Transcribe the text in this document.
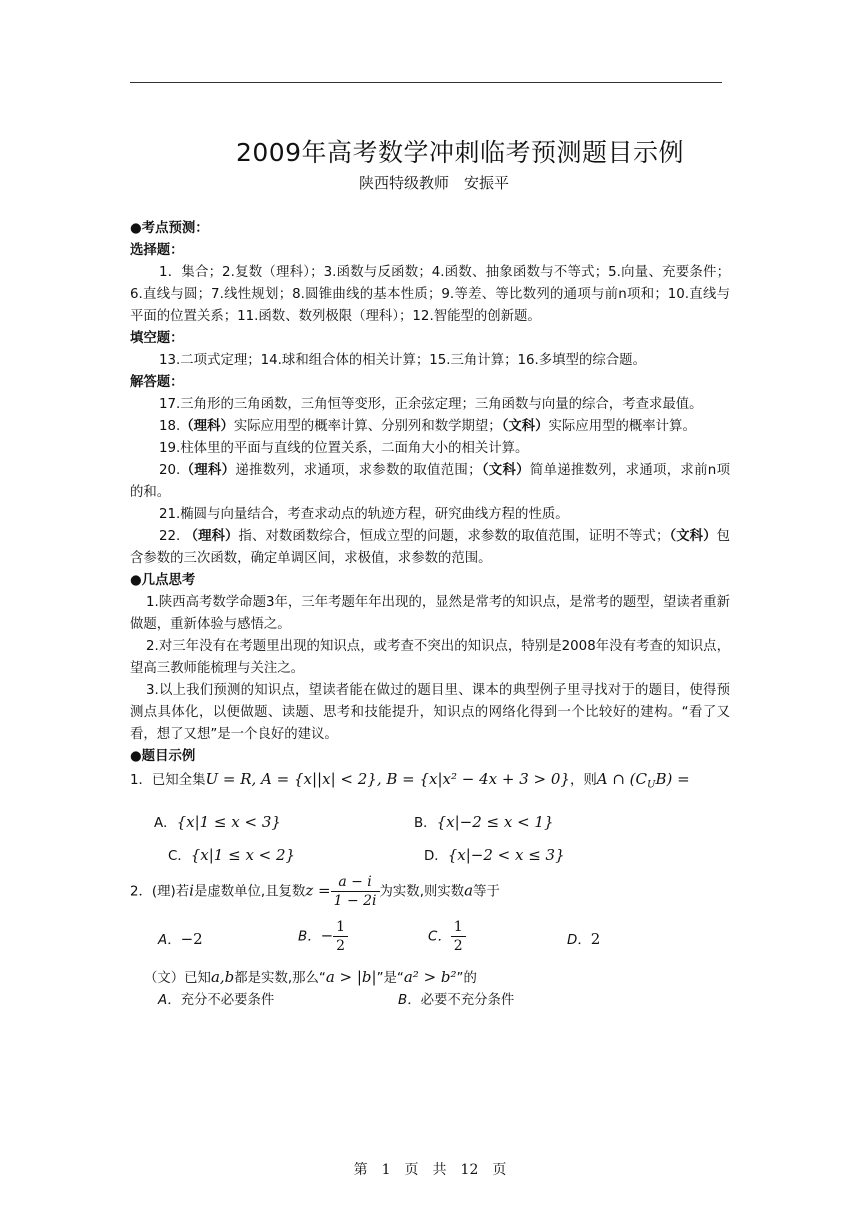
2009年高考数学冲刺临考预测题目示例
陕西特级教师　安振平

●考点预测：

选择题：

1．集合；2.复数（理科）；3.函数与反函数；4.函数、抽象函数与不等式；5.向量、充要条件；6.直线与圆；7.线性规划；8.圆锥曲线的基本性质；9.等差、等比数列的通项与前n项和；10.直线与平面的位置关系；11.函数、数列极限（理科）；12.智能型的创新题。

填空题：

13.二项式定理；14.球和组合体的相关计算；15.三角计算；16.多填型的综合题。

解答题：

17.三角形的三角函数，三角恒等变形，正余弦定理；三角函数与向量的综合，考查求最值。

18.（理科）实际应用型的概率计算、分别列和数学期望；（文科）实际应用型的概率计算。

19.柱体里的平面与直线的位置关系，二面角大小的相关计算。

20.（理科）递推数列，求通项，求参数的取值范围；（文科）简单递推数列，求通项，求前n项的和。

21.椭圆与向量结合，考查求动点的轨迹方程，研究曲线方程的性质。

22. （理科）指、对数函数综合，恒成立型的问题，求参数的取值范围，证明不等式；（文科）包含参数的三次函数，确定单调区间，求极值，求参数的范围。

●几点思考

1.陕西高考数学命题3年，三年考题年年出现的，显然是常考的知识点，是常考的题型，望读者重新做题，重新体验与感悟之。

2.对三年没有在考题里出现的知识点，或考查不突出的知识点，特别是2008年没有考查的知识点，望高三教师能梳理与关注之。

3.以上我们预测的知识点，望读者能在做过的题目里、课本的典型例子里寻找对于的题目，使得预测点具体化，以便做题、读题、思考和技能提升，知识点的网络化得到一个比较好的建构。“看了又看，想了又想”是一个良好的建议。

●题目示例

1．已知全集U = R, A = {x||x| < 2}, B = {x|x² − 4x + 3 > 0}，则A ∩ $(C_UB)$ =

A．{x|1 ≤ x < 3}	B．{x|−2 ≤ x < 1}
C．{x|1 ≤ x < 2}	D．{x|−2 < x ≤ 3}

2．(理)若i是虚数单位,且复数$z = \frac{a - i}{1 - 2i}$ 为实数,则实数a等于

A．−2	B．− $\frac{1}{2}$	C． $\frac{1}{2}$	D．2

（文）已知a,b都是实数,那么“a > |b|”是“a² > b²”的

A．充分不必要条件	B．必要不充分条件
第　1　页　共　12　页
